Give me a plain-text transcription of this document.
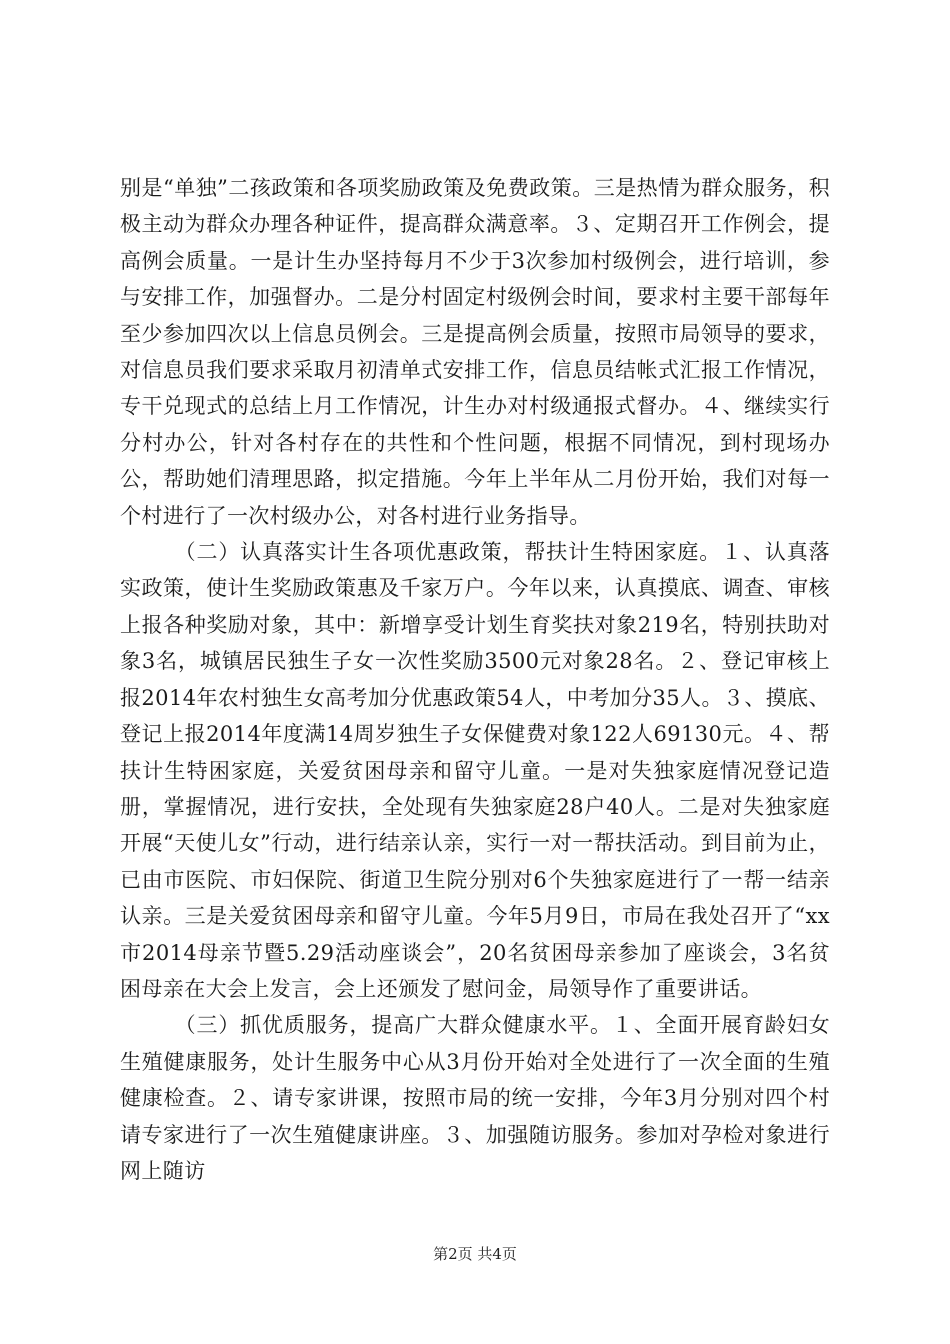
别是“单独”二孩政策和各项奖励政策及免费政策。三是热情为群众服务，积极主动为群众办理各种证件，提高群众满意率。３、定期召开工作例会，提高例会质量。一是计生办坚持每月不少于3次参加村级例会，进行培训，参与安排工作，加强督办。二是分村固定村级例会时间，要求村主要干部每年至少参加四次以上信息员例会。三是提高例会质量，按照市局领导的要求，对信息员我们要求采取月初清单式安排工作，信息员结帐式汇报工作情况，专干兑现式的总结上月工作情况，计生办对村级通报式督办。４、继续实行分村办公，针对各村存在的共性和个性问题，根据不同情况，到村现场办公，帮助她们清理思路，拟定措施。今年上半年从二月份开始，我们对每一个村进行了一次村级办公，对各村进行业务指导。

（二）认真落实计生各项优惠政策，帮扶计生特困家庭。１、认真落实政策，使计生奖励政策惠及千家万户。今年以来，认真摸底、调查、审核上报各种奖励对象，其中：新增享受计划生育奖扶对象219名，特别扶助对象3名，城镇居民独生子女一次性奖励3500元对象28名。２、登记审核上报2014年农村独生女高考加分优惠政策54人，中考加分35人。３、摸底、登记上报2014年度满14周岁独生子女保健费对象122人69130元。４、帮扶计生特困家庭，关爱贫困母亲和留守儿童。一是对失独家庭情况登记造册，掌握情况，进行安扶，全处现有失独家庭28户40人。二是对失独家庭开展“天使儿女”行动，进行结亲认亲，实行一对一帮扶活动。到目前为止，已由市医院、市妇保院、街道卫生院分别对6个失独家庭进行了一帮一结亲认亲。三是关爱贫困母亲和留守儿童。今年5月9日，市局在我处召开了“xx市2014母亲节暨5.29活动座谈会”，20名贫困母亲参加了座谈会，3名贫困母亲在大会上发言，会上还颁发了慰问金，局领导作了重要讲话。

（三）抓优质服务，提高广大群众健康水平。１、全面开展育龄妇女生殖健康服务，处计生服务中心从3月份开始对全处进行了一次全面的生殖健康检查。２、请专家讲课，按照市局的统一安排，今年3月分别对四个村请专家进行了一次生殖健康讲座。３、加强随访服务。参加对孕检对象进行网上随访

第2页 共4页
